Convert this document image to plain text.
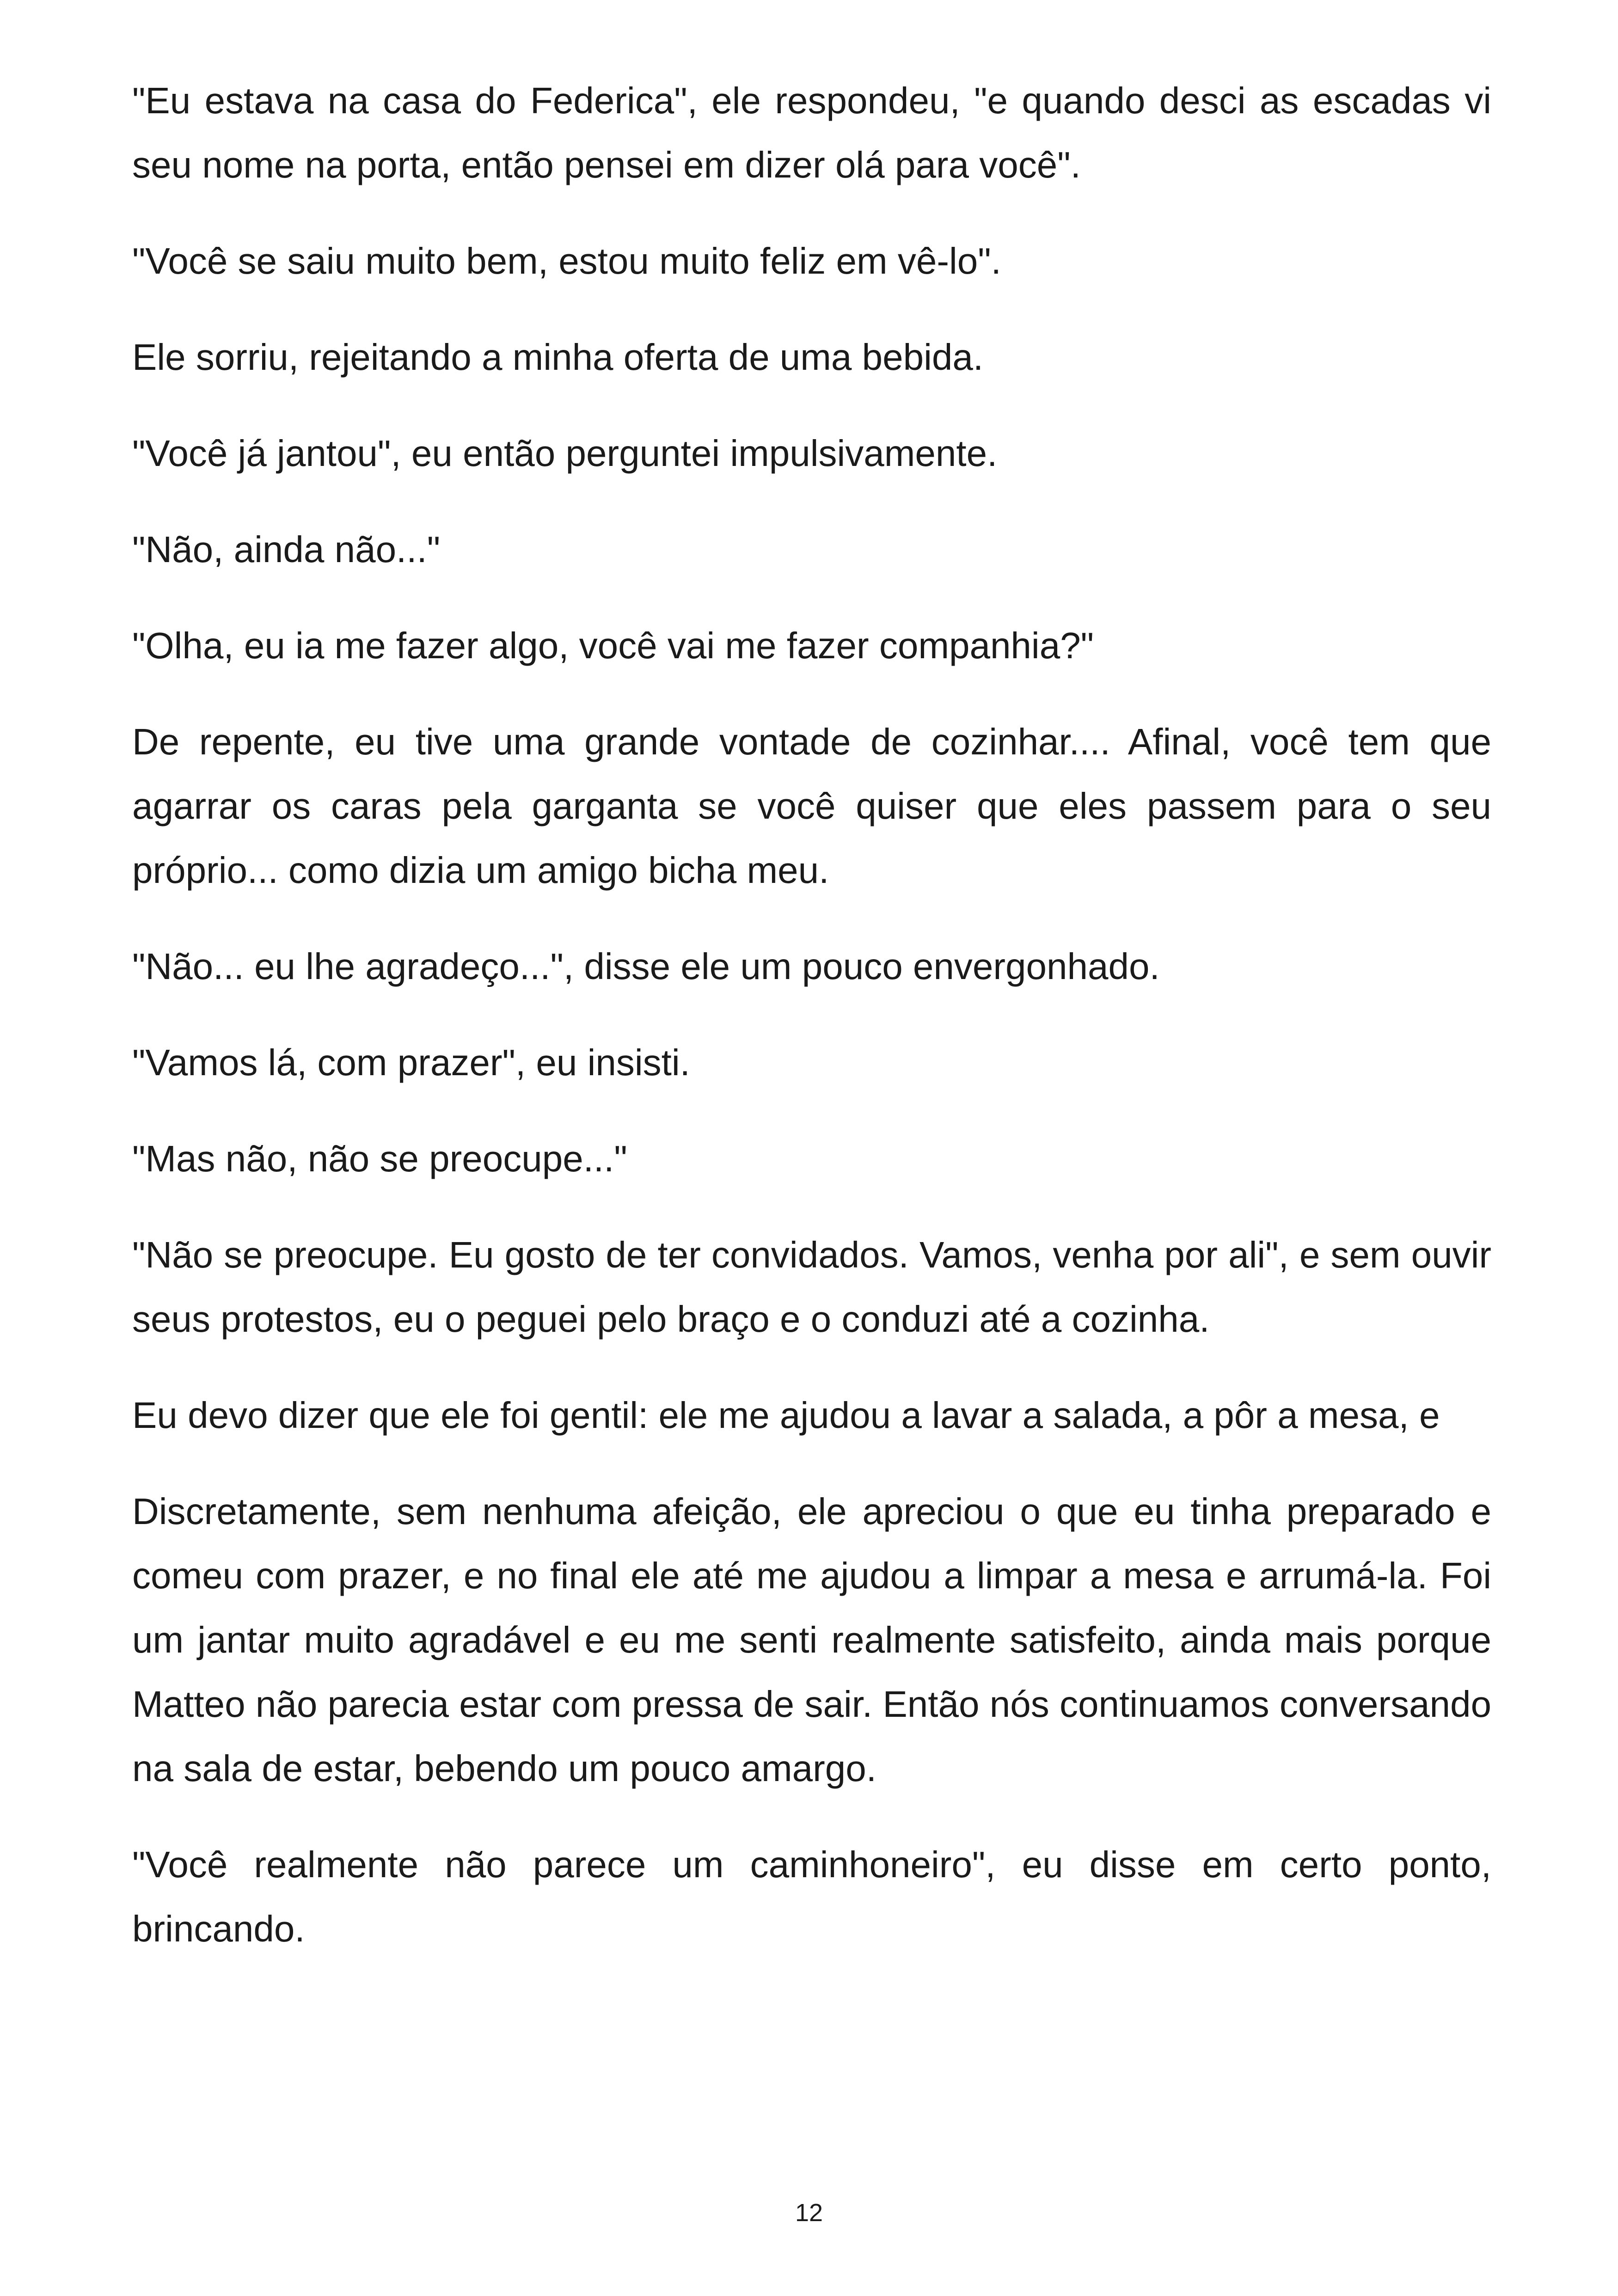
"Eu estava na casa do Federica", ele respondeu, "e quando desci as escadas vi seu nome na porta, então pensei em dizer olá para você".

"Você se saiu muito bem, estou muito feliz em vê-lo".

Ele sorriu, rejeitando a minha oferta de uma bebida.

"Você já jantou", eu então perguntei impulsivamente.

"Não, ainda não..."

"Olha, eu ia me fazer algo, você vai me fazer companhia?"

De repente, eu tive uma grande vontade de cozinhar.... Afinal, você tem que agarrar os caras pela garganta se você quiser que eles passem para o seu próprio... como dizia um amigo bicha meu.

"Não... eu lhe agradeço...", disse ele um pouco envergonhado.

"Vamos lá, com prazer", eu insisti.

"Mas não, não se preocupe..."

"Não se preocupe. Eu gosto de ter convidados. Vamos, venha por ali", e sem ouvir seus protestos, eu o peguei pelo braço e o conduzi até a cozinha.

Eu devo dizer que ele foi gentil: ele me ajudou a lavar a salada, a pôr a mesa, e

Discretamente, sem nenhuma afeição, ele apreciou o que eu tinha preparado e comeu com prazer, e no final ele até me ajudou a limpar a mesa e arrumá-la. Foi um jantar muito agradável e eu me senti realmente satisfeito, ainda mais porque Matteo não parecia estar com pressa de sair. Então nós continuamos conversando na sala de estar, bebendo um pouco amargo.

"Você realmente não parece um caminhoneiro", eu disse em certo ponto, brincando.

12
